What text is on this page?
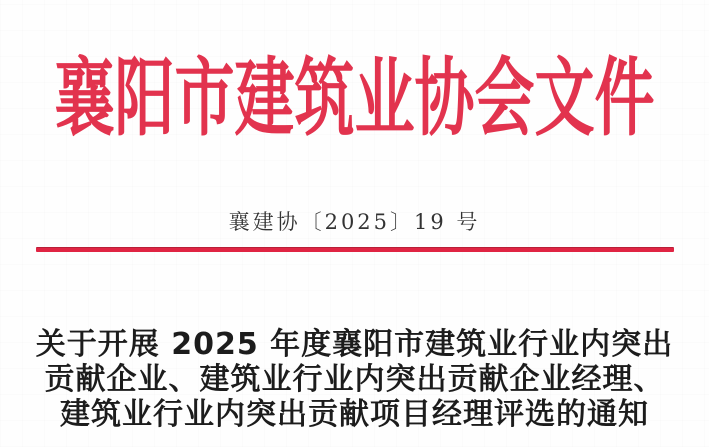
襄阳市建筑业协会文件
襄建协〔2025〕19 号
关于开展 2025 年度襄阳市建筑业行业内突出
贡献企业、建筑业行业内突出贡献企业经理、
建筑业行业内突出贡献项目经理评选的通知
